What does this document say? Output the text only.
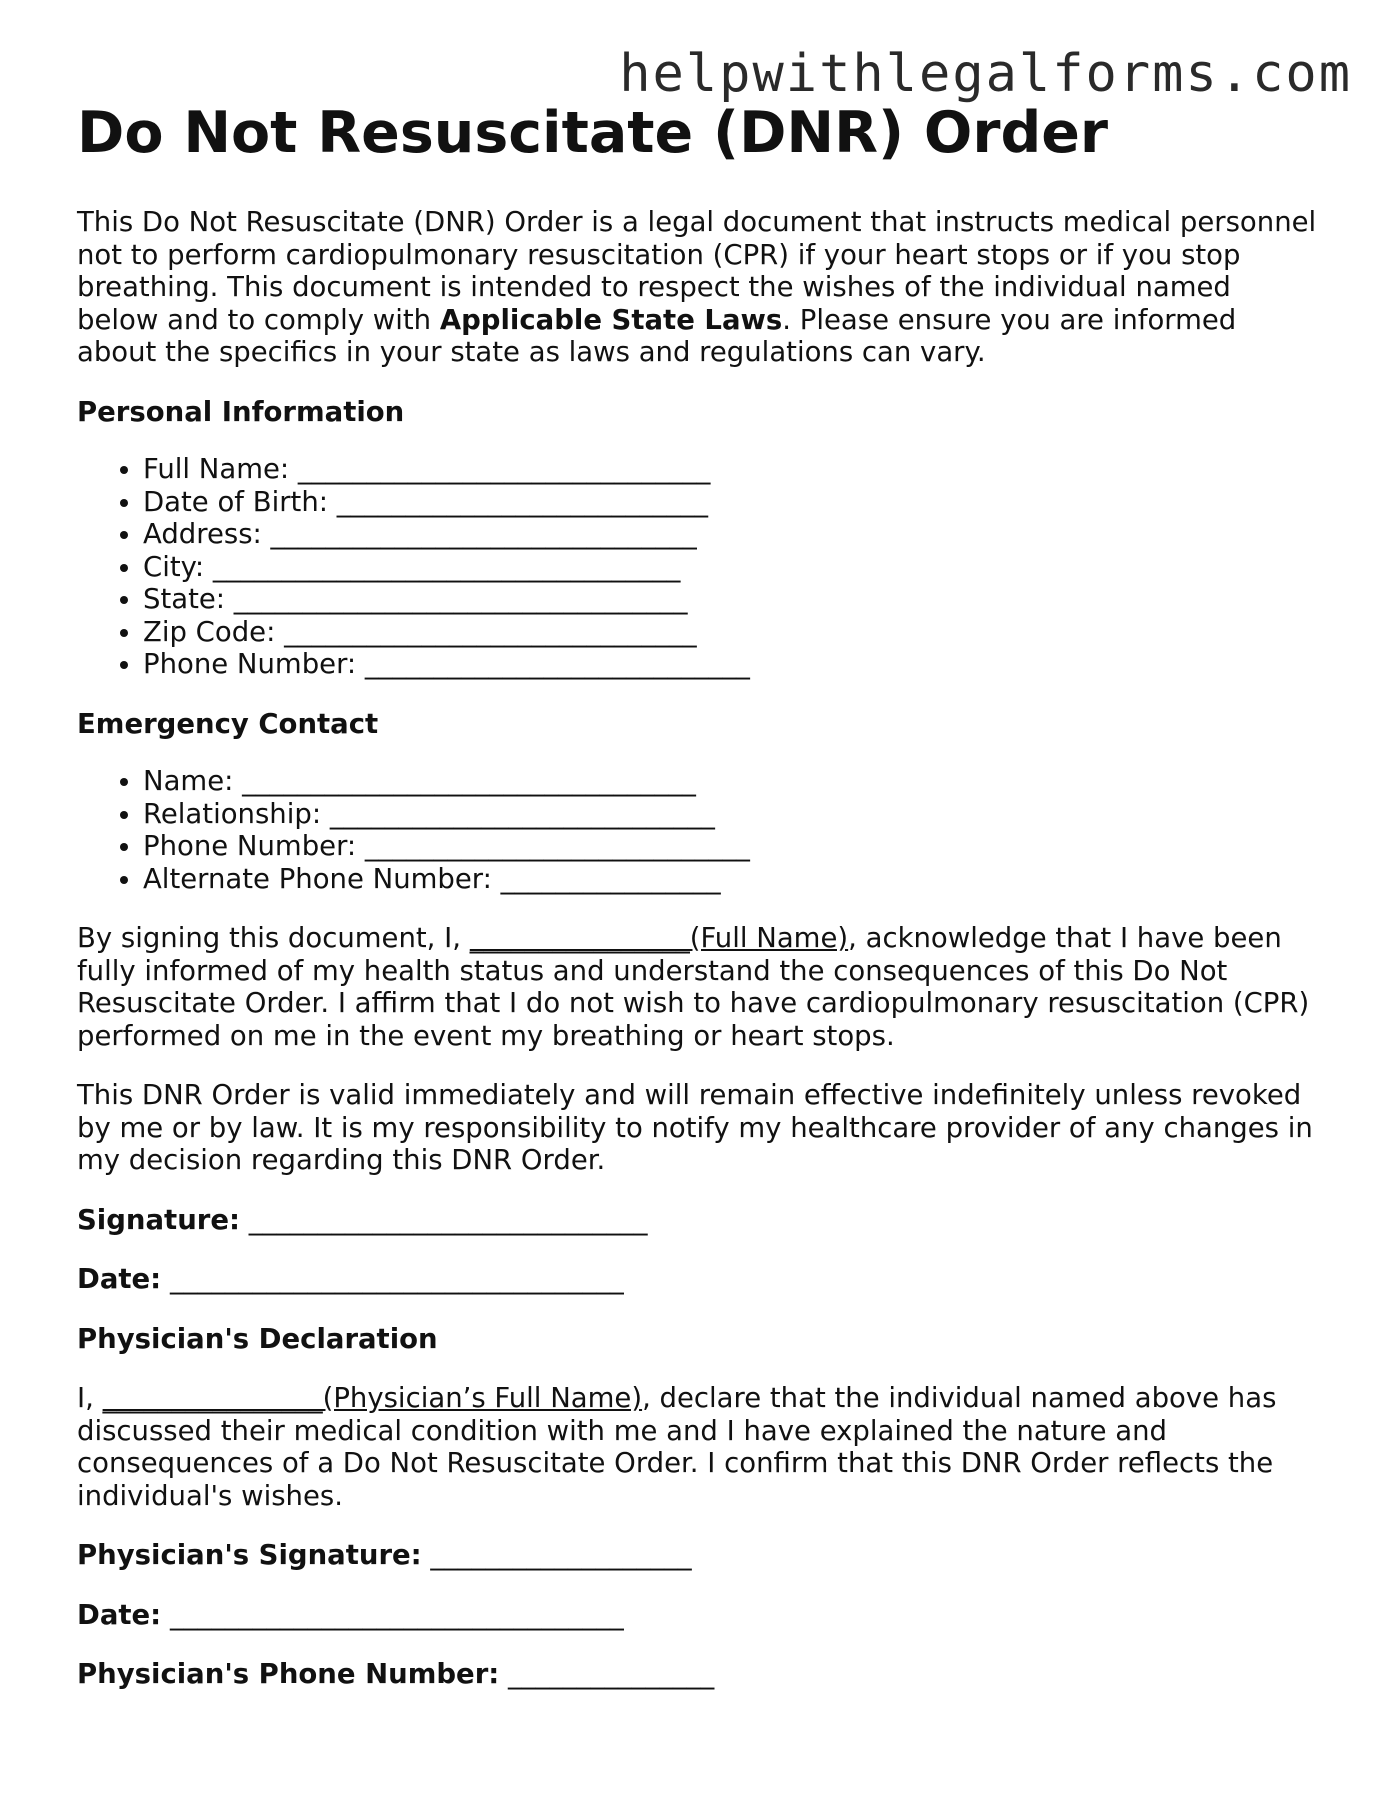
helpwithlegalforms.com
Do Not Resuscitate (DNR) Order

This Do Not Resuscitate (DNR) Order is a legal document that instructs medical personnel not to perform cardiopulmonary resuscitation (CPR) if your heart stops or if you stop breathing. This document is intended to respect the wishes of the individual named below and to comply with Applicable State Laws. Please ensure you are informed about the specifics in your state as laws and regulations can vary.

Personal Information

• Full Name: ______________________________
• Date of Birth: ___________________________
• Address: _______________________________
• City: __________________________________
• State: _________________________________
• Zip Code: ______________________________
• Phone Number: ____________________________

Emergency Contact

• Name: _________________________________
• Relationship: ____________________________
• Phone Number: ____________________________
• Alternate Phone Number: ________________

By signing this document, I, ________________(Full Name), acknowledge that I have been fully informed of my health status and understand the consequences of this Do Not Resuscitate Order. I affirm that I do not wish to have cardiopulmonary resuscitation (CPR) performed on me in the event my breathing or heart stops.

This DNR Order is valid immediately and will remain effective indefinitely unless revoked by me or by law. It is my responsibility to notify my healthcare provider of any changes in my decision regarding this DNR Order.

Signature: _____________________________

Date: _________________________________

Physician's Declaration

I, ________________(Physician’s Full Name), declare that the individual named above has discussed their medical condition with me and I have explained the nature and consequences of a Do Not Resuscitate Order. I confirm that this DNR Order reflects the individual's wishes.

Physician's Signature: ___________________

Date: _________________________________

Physician's Phone Number: _______________
